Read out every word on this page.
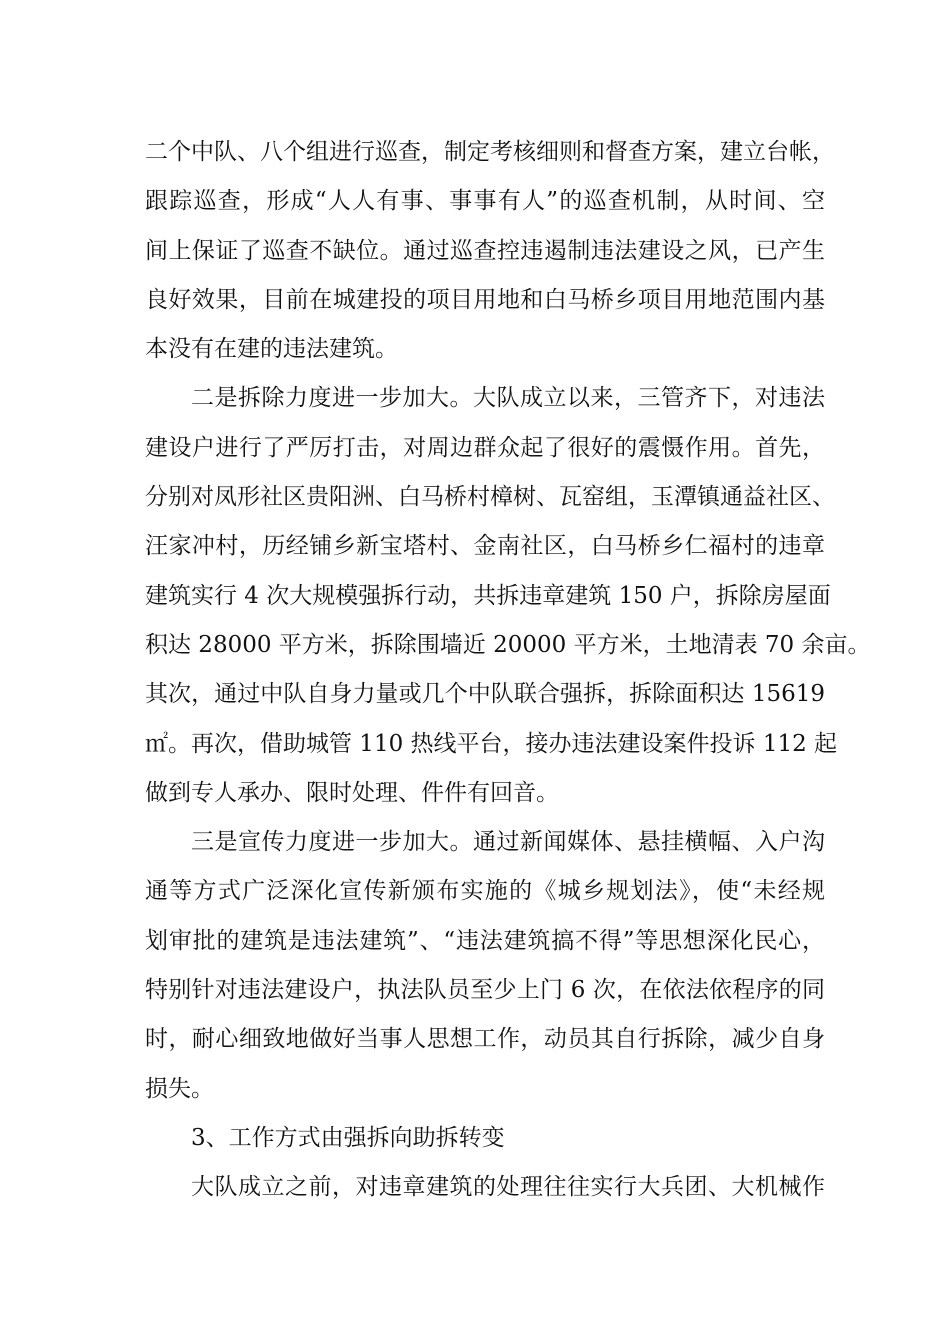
二个中队、八个组进行巡查，制定考核细则和督查方案，建立台帐，
跟踪巡查，形成“人人有事、事事有人”的巡查机制，从时间、空
间上保证了巡查不缺位。通过巡查控违遏制违法建设之风，已产生
良好效果，目前在城建投的项目用地和白马桥乡项目用地范围内基
本没有在建的违法建筑。
二是拆除力度进一步加大。大队成立以来，三管齐下，对违法
建设户进行了严厉打击，对周边群众起了很好的震慑作用。首先，
分别对凤形社区贵阳洲、白马桥村樟树、瓦窑组，玉潭镇通益社区、
汪家冲村，历经铺乡新宝塔村、金南社区，白马桥乡仁福村的违章
建筑实行 4 次大规模强拆行动，共拆违章建筑 150 户，拆除房屋面
积达 28000 平方米，拆除围墙近 20000 平方米，土地清表 70 余亩。
其次，通过中队自身力量或几个中队联合强拆，拆除面积达 15619
㎡。再次，借助城管 110 热线平台，接办违法建设案件投诉 112 起
做到专人承办、限时处理、件件有回音。
三是宣传力度进一步加大。通过新闻媒体、悬挂横幅、入户沟
通等方式广泛深化宣传新颁布实施的《城乡规划法》，使“未经规
划审批的建筑是违法建筑”、“违法建筑搞不得”等思想深化民心，
特别针对违法建设户，执法队员至少上门 6 次，在依法依程序的同
时，耐心细致地做好当事人思想工作，动员其自行拆除，减少自身
损失。
3、工作方式由强拆向助拆转变
大队成立之前，对违章建筑的处理往往实行大兵团、大机械作
